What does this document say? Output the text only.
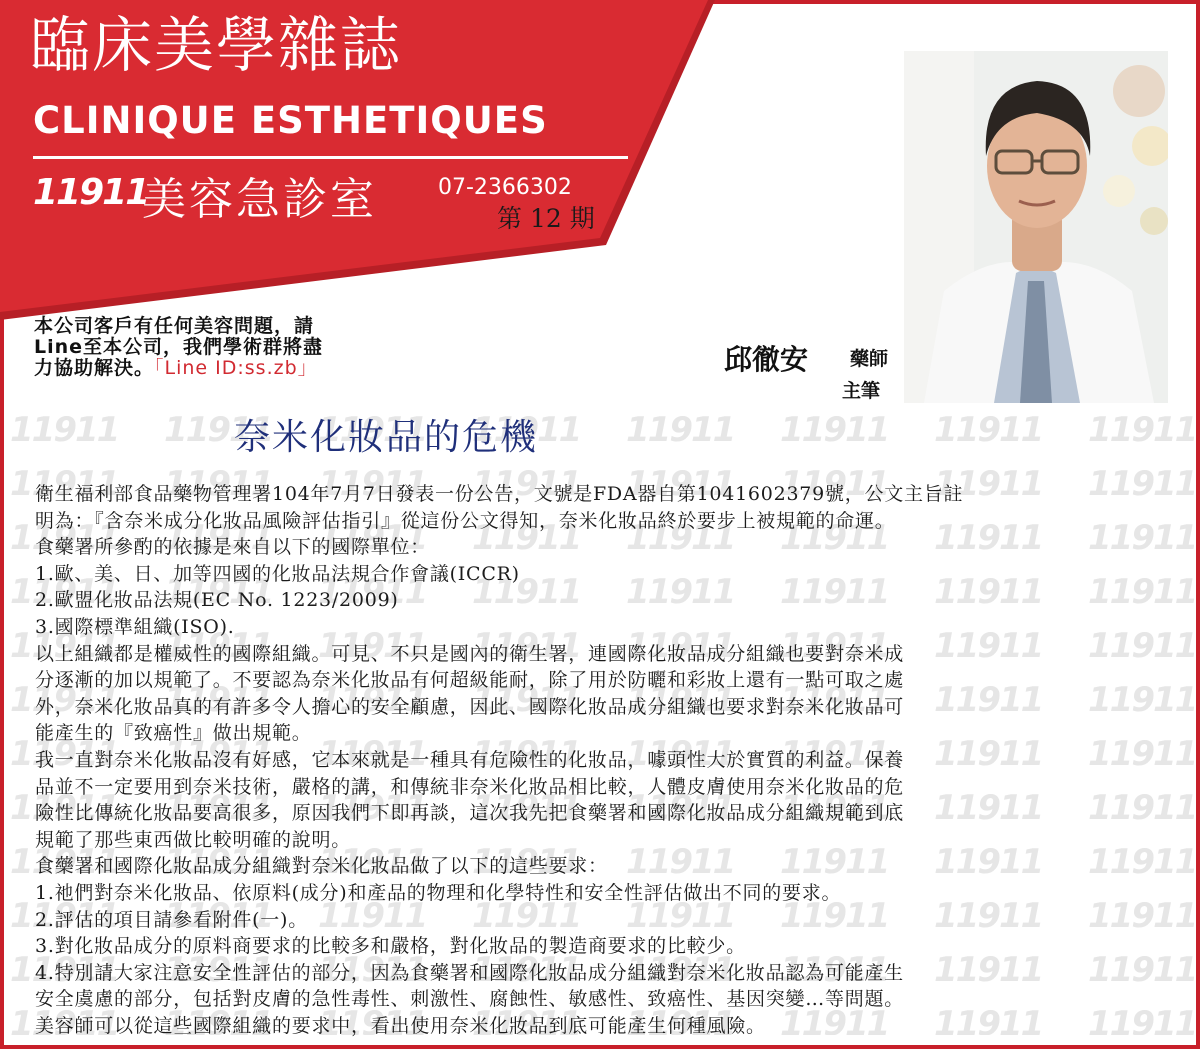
臨床美學雜誌
CLINIQUE ESTHETIQUES
11911
美容急診室	07-2366302
第 12 期
本公司客戶有任何美容問題，請
Line至本公司，我們學術群將盡
力協助解決。「Line ID:ss.zb」	邱徹安 藥師
主筆
奈米化妝品的危機
衛生福利部食品藥物管理署104年7月7日發表一份公告，文號是FDA器自第1041602379號，公文主旨註
明為：『含奈米成分化妝品風險評估指引』從這份公文得知，奈米化妝品終於要步上被規範的命運。
食藥署所參酌的依據是來自以下的國際單位：
1.歐、美、日、加等四國的化妝品法規合作會議(ICCR)
2.歐盟化妝品法規(EC No. 1223/2009)
3.國際標準組織(ISO).
以上組織都是權威性的國際組織。可見、不只是國內的衛生署，連國際化妝品成分組織也要對奈米成
分逐漸的加以規範了。不要認為奈米化妝品有何超級能耐，除了用於防曬和彩妝上還有一點可取之處
外，奈米化妝品真的有許多令人擔心的安全顧慮，因此、國際化妝品成分組織也要求對奈米化妝品可
能產生的『致癌性』做出規範。
我一直對奈米化妝品沒有好感，它本來就是一種具有危險性的化妝品，噱頭性大於實質的利益。保養
品並不一定要用到奈米技術，嚴格的講，和傳統非奈米化妝品相比較，人體皮膚使用奈米化妝品的危
險性比傳統化妝品要高很多，原因我們下即再談，這次我先把食藥署和國際化妝品成分組織規範到底
規範了那些東西做比較明確的說明。
食藥署和國際化妝品成分組織對奈米化妝品做了以下的這些要求：
1.祂們對奈米化妝品、依原料(成分)和產品的物理和化學特性和安全性評估做出不同的要求。
2.評估的項目請參看附件(一)。
3.對化妝品成分的原料商要求的比較多和嚴格，對化妝品的製造商要求的比較少。
4.特別請大家注意安全性評估的部分，因為食藥署和國際化妝品成分組織對奈米化妝品認為可能產生
安全虞慮的部分，包括對皮膚的急性毒性、刺激性、腐蝕性、敏感性、致癌性、基因突變…等問題。
美容師可以從這些國際組織的要求中，看出使用奈米化妝品到底可能產生何種風險。
